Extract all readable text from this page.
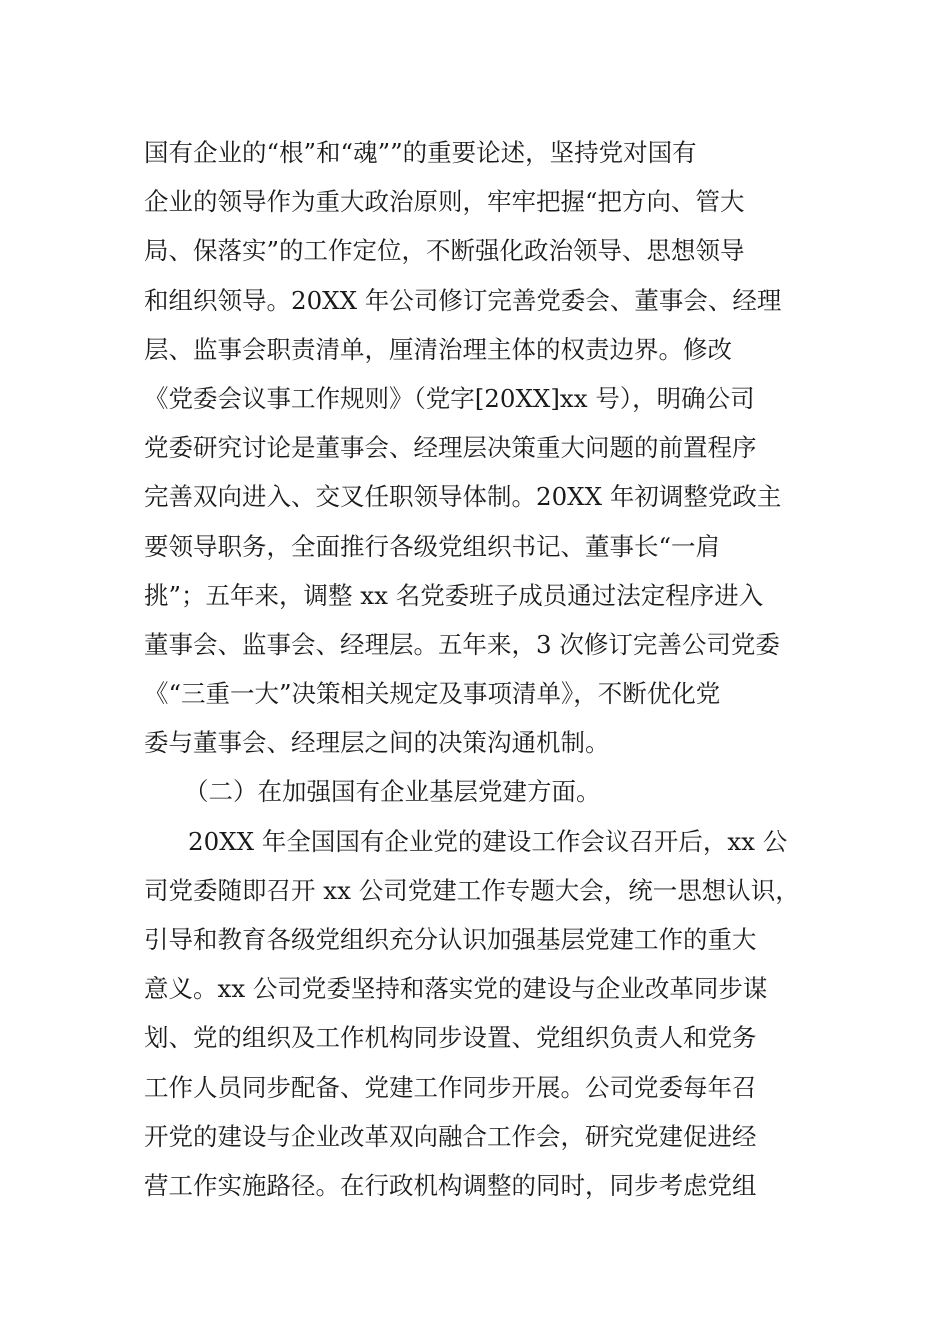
国有企业的“根”和“魂””的重要论述，坚持党对国有
企业的领导作为重大政治原则，牢牢把握“把方向、管大
局、保落实”的工作定位，不断强化政治领导、思想领导
和组织领导。20XX 年公司修订完善党委会、董事会、经理
层、监事会职责清单，厘清治理主体的权责边界。修改
《党委会议事工作规则》（党字[20XX]xx 号），明确公司
党委研究讨论是董事会、经理层决策重大问题的前置程序
完善双向进入、交叉任职领导体制。20XX 年初调整党政主
要领导职务，全面推行各级党组织书记、董事长“一肩
挑”；五年来，调整 xx 名党委班子成员通过法定程序进入
董事会、监事会、经理层。五年来，3 次修订完善公司党委
《“三重一大”决策相关规定及事项清单》，不断优化党
委与董事会、经理层之间的决策沟通机制。
（二）在加强国有企业基层党建方面。
20XX 年全国国有企业党的建设工作会议召开后，xx 公
司党委随即召开 xx 公司党建工作专题大会，统一思想认识，
引导和教育各级党组织充分认识加强基层党建工作的重大
意义。xx 公司党委坚持和落实党的建设与企业改革同步谋
划、党的组织及工作机构同步设置、党组织负责人和党务
工作人员同步配备、党建工作同步开展。公司党委每年召
开党的建设与企业改革双向融合工作会，研究党建促进经
营工作实施路径。在行政机构调整的同时，同步考虑党组
